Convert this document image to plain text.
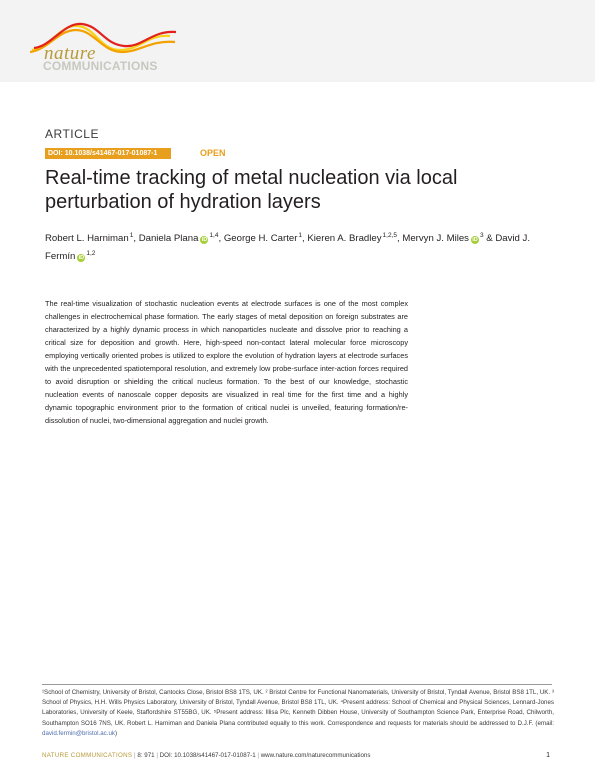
nature
COMMUNICATIONS
ARTICLE
DOI: 10.1038/s41467-017-01087-1	OPEN
Real-time tracking of metal nucleation via local perturbation of hydration layers
Robert L. Harniman$^1$, Daniela Plana iD$^{1,4}$, George H. Carter$^1$, Kieren A. Bradley$^{1,2,5}$, Mervyn J. Miles $iD^3$ & David J. Fermín iD$^{1,2}$
The real-time visualization of stochastic nucleation events at electrode surfaces is one of the most complex challenges in electrochemical phase formation. The early stages of metal deposition on foreign substrates are characterized by a highly dynamic process in which nanoparticles nucleate and dissolve prior to reaching a critical size for deposition and growth. Here, high-speed non-contact lateral molecular force microscopy employing vertically oriented probes is utilized to explore the evolution of hydration layers at electrode surfaces with the unprecedented spatiotemporal resolution, and extremely low probe-surface inter-action forces required to avoid disruption or shielding the critical nucleus formation. To the best of our knowledge, stochastic nucleation events of nanoscale copper deposits are visualized in real time for the first time and a highly dynamic topographic environment prior to the formation of critical nuclei is unveiled, featuring formation/re-dissolution of nuclei, two-dimensional aggregation and nuclei growth.
¹School of Chemistry, University of Bristol, Cantocks Close, Bristol BS8 1TS, UK. ² Bristol Centre for Functional Nanomaterials, University of Bristol, Tyndall Avenue, Bristol BS8 1TL, UK. ³ School of Physics, H.H. Wills Physics Laboratory, University of Bristol, Tyndall Avenue, Bristol BS8 1TL, UK. ⁴Present address: School of Chemical and Physical Sciences, Lennard-Jones Laboratories, University of Keele, Staffordshire ST55BG, UK. ⁵Present address: Illisa Plc, Kenneth Dibben House, University of Southampton Science Park, Enterprise Road, Chilworth, Southampton SO16 7NS, UK. Robert L. Harniman and Daniela Plana contributed equally to this work. Correspondence and requests for materials should be addressed to D.J.F. (email: david.fermin@bristol.ac.uk)
NATURE COMMUNICATIONS | 8: 971 | DOI: 10.1038/s41467-017-01087-1 | www.nature.com/naturecommunications	1
